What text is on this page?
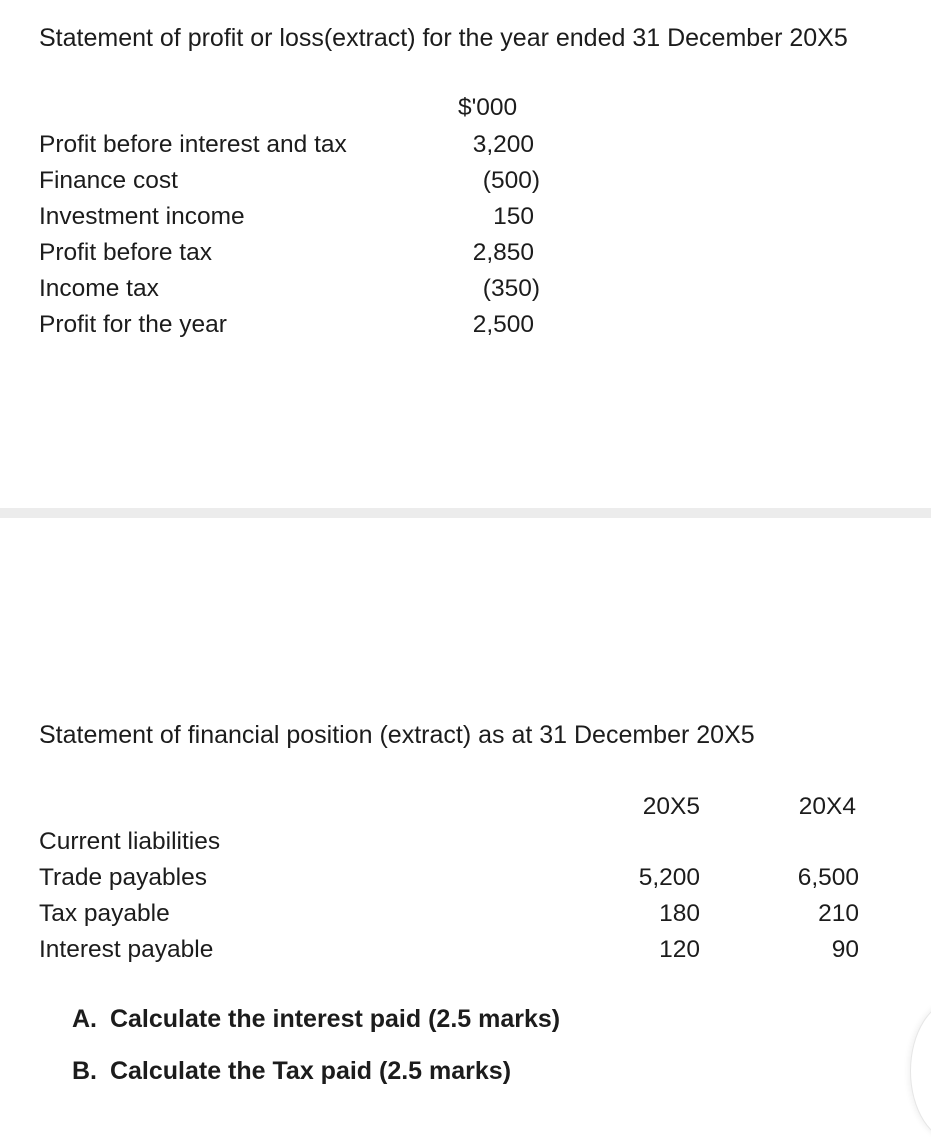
Statement of profit or loss(extract) for the year ended 31 December 20X5
$'000
Profit before interest and tax	3,200
Finance cost	(500)
Investment income	150
Profit before tax	2,850
Income tax	(350)
Profit for the year	2,500
Statement of financial position (extract) as at 31 December 20X5
20X5	20X4
Current liabilities
Trade payables	5,200	6,500
Tax payable	180	210
Interest payable	120	90
A. Calculate the interest paid (2.5 marks)
B. Calculate the Tax paid (2.5 marks)
